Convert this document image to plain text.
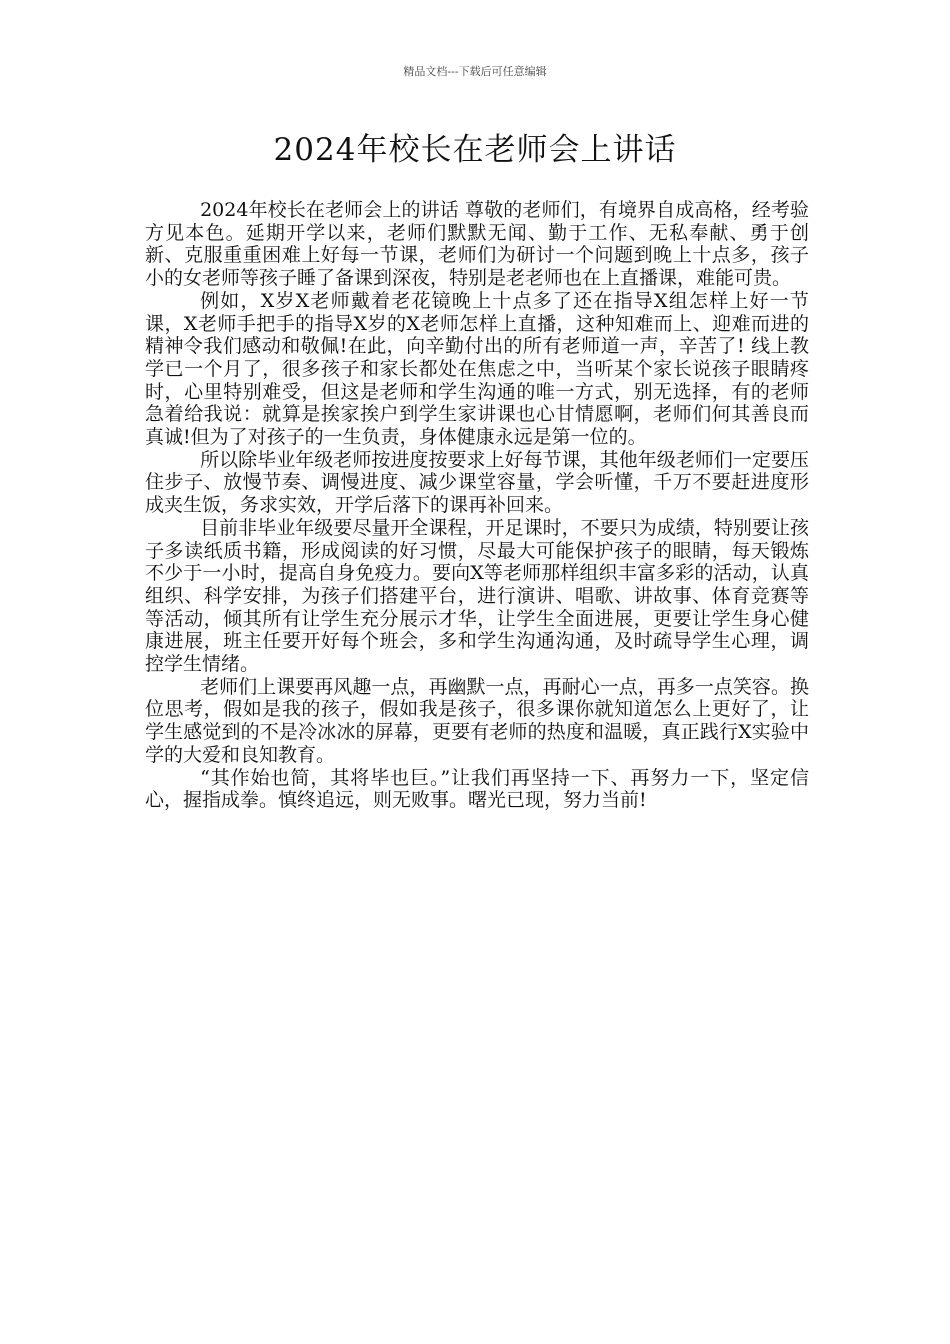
精品文档---下载后可任意编辑
2024年校长在老师会上讲话

2024年校长在老师会上的讲话 尊敬的老师们，有境界自成高格，经考验方见本色。延期开学以来，老师们默默无闻、勤于工作、无私奉献、勇于创新、克服重重困难上好每一节课，老师们为研讨一个问题到晚上十点多，孩子小的女老师等孩子睡了备课到深夜，特别是老老师也在上直播课，难能可贵。

例如，X岁X老师戴着老花镜晚上十点多了还在指导X组怎样上好一节课，X老师手把手的指导X岁的X老师怎样上直播，这种知难而上、迎难而进的精神令我们感动和敬佩!在此，向辛勤付出的所有老师道一声，辛苦了! 线上教学已一个月了，很多孩子和家长都处在焦虑之中，当听某个家长说孩子眼睛疼时，心里特别难受，但这是老师和学生沟通的唯一方式，别无选择，有的老师急着给我说：就算是挨家挨户到学生家讲课也心甘情愿啊，老师们何其善良而真诚!但为了对孩子的一生负责，身体健康永远是第一位的。

所以除毕业年级老师按进度按要求上好每节课，其他年级老师们一定要压住步子、放慢节奏、调慢进度、减少课堂容量，学会听懂，千万不要赶进度形成夹生饭，务求实效，开学后落下的课再补回来。

目前非毕业年级要尽量开全课程，开足课时，不要只为成绩，特别要让孩子多读纸质书籍，形成阅读的好习惯，尽最大可能保护孩子的眼睛，每天锻炼不少于一小时，提高自身免疫力。要向X等老师那样组织丰富多彩的活动，认真组织、科学安排，为孩子们搭建平台，进行演讲、唱歌、讲故事、体育竞赛等等活动，倾其所有让学生充分展示才华，让学生全面进展，更要让学生身心健康进展，班主任要开好每个班会，多和学生沟通沟通，及时疏导学生心理，调控学生情绪。

老师们上课要再风趣一点，再幽默一点，再耐心一点，再多一点笑容。换位思考，假如是我的孩子，假如我是孩子，很多课你就知道怎么上更好了，让学生感觉到的不是冷冰冰的屏幕，更要有老师的热度和温暖，真正践行X实验中学的大爱和良知教育。

“其作始也简，其将毕也巨。”让我们再坚持一下、再努力一下，坚定信心，握指成拳。慎终追远，则无败事。曙光已现，努力当前!
